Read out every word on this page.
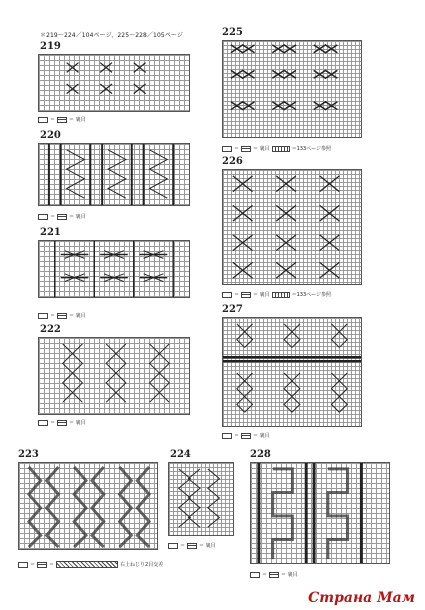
＊219～224／104ページ、225～228／105ページ
219
＝	＝ 裏目
220
＝	＝ 裏目
221
＝	＝ 裏目
222
＝	＝ 裏目
223
＝	＝	右上ねじり2目交差
224
＝	＝ 裏目
225
＝	＝ 裏目	＝133ページ参照
226
＝	＝ 裏目	＝133ページ参照
227
＝	＝ 裏目
228
＝	＝ 裏目
Страна Мам
